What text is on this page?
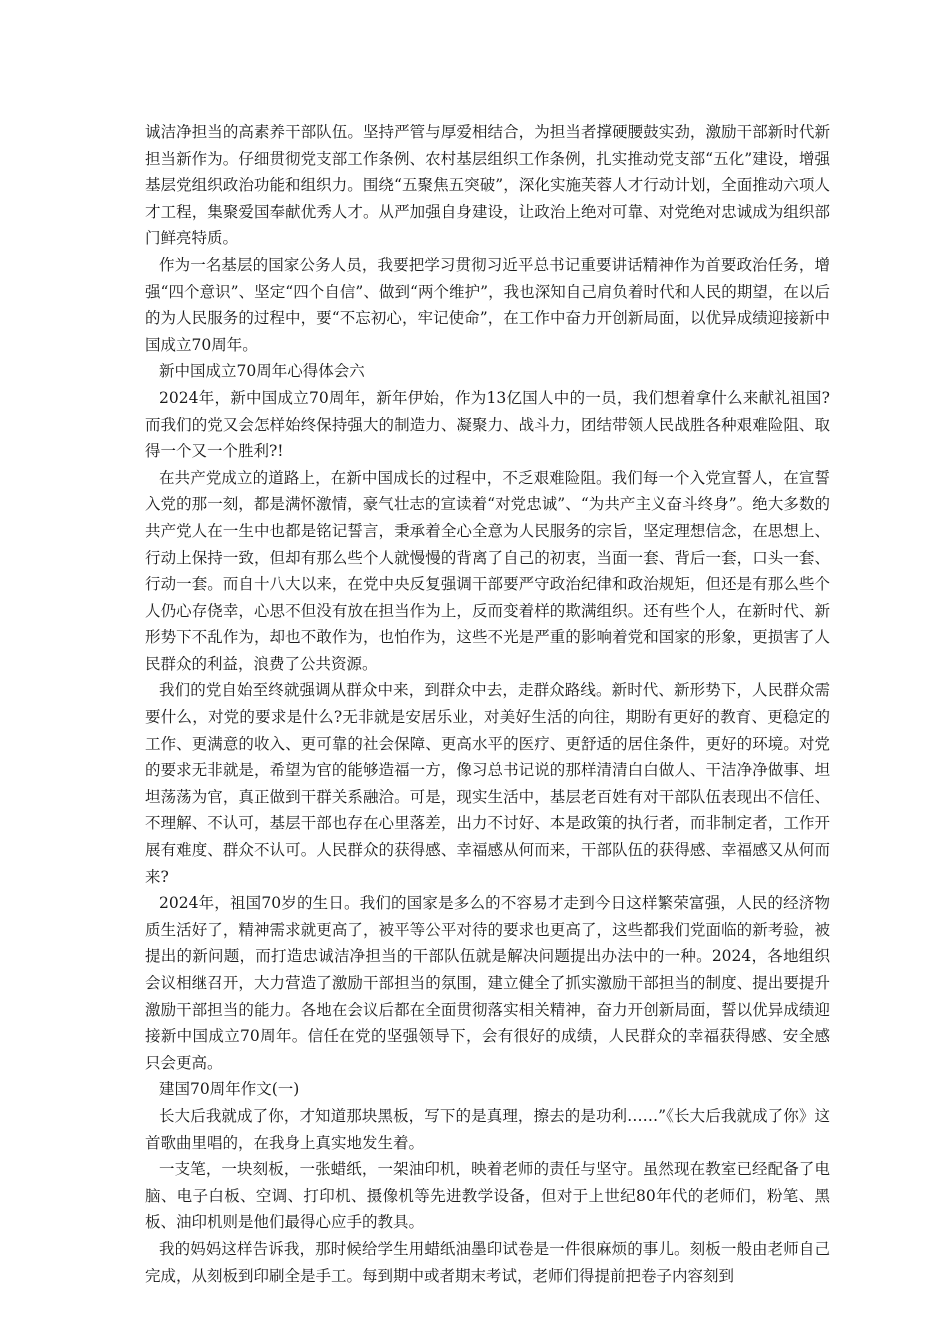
诚洁净担当的高素养干部队伍。坚持严管与厚爱相结合，为担当者撑硬腰鼓实劲，激励干部新时代新担当新作为。仔细贯彻党支部工作条例、农村基层组织工作条例，扎实推动党支部“五化”建设，增强基层党组织政治功能和组织力。围绕“五聚焦五突破”，深化实施芙蓉人才行动计划，全面推动六项人才工程，集聚爱国奉献优秀人才。从严加强自身建设，让政治上绝对可靠、对党绝对忠诚成为组织部门鲜亮特质。

作为一名基层的国家公务人员，我要把学习贯彻习近平总书记重要讲话精神作为首要政治任务，增强“四个意识”、坚定“四个自信”、做到“两个维护”，我也深知自己肩负着时代和人民的期望，在以后的为人民服务的过程中，要“不忘初心，牢记使命”，在工作中奋力开创新局面，以优异成绩迎接新中国成立70周年。

新中国成立70周年心得体会六

2024年，新中国成立70周年，新年伊始，作为13亿国人中的一员，我们想着拿什么来献礼祖国?而我们的党又会怎样始终保持强大的制造力、凝聚力、战斗力，团结带领人民战胜各种艰难险阻、取得一个又一个胜利?!

在共产党成立的道路上，在新中国成长的过程中，不乏艰难险阻。我们每一个入党宣誓人，在宣誓入党的那一刻，都是满怀激情，豪气壮志的宣读着“对党忠诚”、“为共产主义奋斗终身”。绝大多数的共产党人在一生中也都是铭记誓言，秉承着全心全意为人民服务的宗旨，坚定理想信念，在思想上、行动上保持一致，但却有那么些个人就慢慢的背离了自己的初衷，当面一套、背后一套，口头一套、行动一套。而自十八大以来，在党中央反复强调干部要严守政治纪律和政治规矩，但还是有那么些个人仍心存侥幸，心思不但没有放在担当作为上，反而变着样的欺满组织。还有些个人，在新时代、新形势下不乱作为，却也不敢作为，也怕作为，这些不光是严重的影响着党和国家的形象，更损害了人民群众的利益，浪费了公共资源。

我们的党自始至终就强调从群众中来，到群众中去，走群众路线。新时代、新形势下，人民群众需要什么，对党的要求是什么?无非就是安居乐业，对美好生活的向往，期盼有更好的教育、更稳定的工作、更满意的收入、更可靠的社会保障、更高水平的医疗、更舒适的居住条件，更好的环境。对党的要求无非就是，希望为官的能够造福一方，像习总书记说的那样清清白白做人、干洁净净做事、坦坦荡荡为官，真正做到干群关系融洽。可是，现实生活中，基层老百姓有对干部队伍表现出不信任、不理解、不认可，基层干部也存在心里落差，出力不讨好、本是政策的执行者，而非制定者，工作开展有难度、群众不认可。人民群众的获得感、幸福感从何而来，干部队伍的获得感、幸福感又从何而来?

2024年，祖国70岁的生日。我们的国家是多么的不容易才走到今日这样繁荣富强，人民的经济物质生活好了，精神需求就更高了，被平等公平对待的要求也更高了，这些都我们党面临的新考验，被提出的新问题，而打造忠诚洁净担当的干部队伍就是解决问题提出办法中的一种。2024，各地组织会议相继召开，大力营造了激励干部担当的氛围，建立健全了抓实激励干部担当的制度、提出要提升激励干部担当的能力。各地在会议后都在全面贯彻落实相关精神，奋力开创新局面，誓以优异成绩迎接新中国成立70周年。信任在党的坚强领导下，会有很好的成绩，人民群众的幸福获得感、安全感只会更高。

建国70周年作文(一)

长大后我就成了你，才知道那块黑板，写下的是真理，擦去的是功利……”《长大后我就成了你》这首歌曲里唱的，在我身上真实地发生着。

一支笔，一块刻板，一张蜡纸，一架油印机，映着老师的责任与坚守。虽然现在教室已经配备了电脑、电子白板、空调、打印机、摄像机等先进教学设备，但对于上世纪80年代的老师们，粉笔、黑板、油印机则是他们最得心应手的教具。

我的妈妈这样告诉我，那时候给学生用蜡纸油墨印试卷是一件很麻烦的事儿。刻板一般由老师自己完成，从刻板到印刷全是手工。每到期中或者期末考试，老师们得提前把卷子内容刻到
